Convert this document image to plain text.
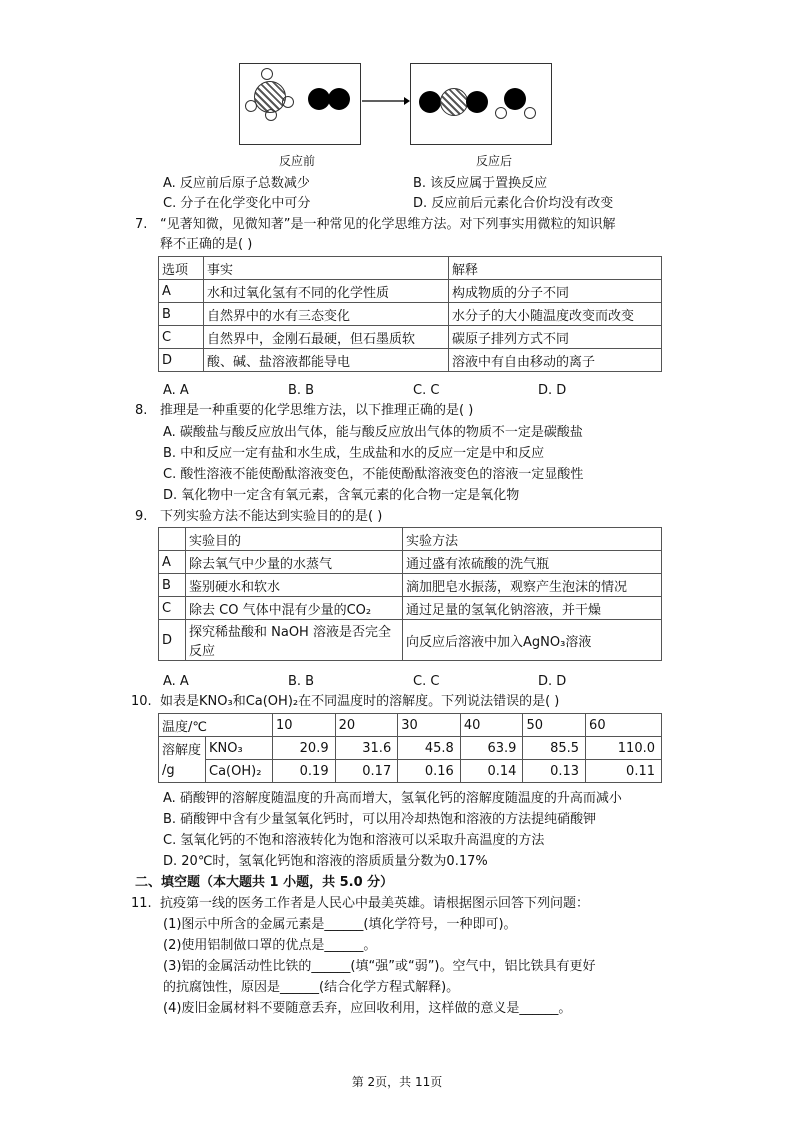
反应前	反应后
A. 反应前后原子总数减少	B. 该反应属于置换反应
C. 分子在化学变化中可分	D. 反应前后元素化合价均没有改变
7. “见著知微，见微知著”是一种常见的化学思维方法。对下列事实用微粒的知识解
释不正确的是( )
选项	事实	解释
A	水和过氧化氢有不同的化学性质	构成物质的分子不同
B	自然界中的水有三态变化	水分子的大小随温度改变而改变
C	自然界中，金刚石最硬，但石墨质软	碳原子排列方式不同
D	酸、碱、盐溶液都能导电	溶液中有自由移动的离子
A. A	B. B	C. C	D. D
8. 推理是一种重要的化学思维方法，以下推理正确的是( )
A. 碳酸盐与酸反应放出气体，能与酸反应放出气体的物质不一定是碳酸盐
B. 中和反应一定有盐和水生成，生成盐和水的反应一定是中和反应
C. 酸性溶液不能使酚酞溶液变色，不能使酚酞溶液变色的溶液一定显酸性
D. 氧化物中一定含有氧元素，含氧元素的化合物一定是氧化物
9. 下列实验方法不能达到实验目的的是( )
	实验目的	实验方法
A	除去氧气中少量的水蒸气	通过盛有浓硫酸的洗气瓶
B	鉴别硬水和软水	滴加肥皂水振荡，观察产生泡沫的情况
C	除去 CO 气体中混有少量的CO₂	通过足量的氢氧化钠溶液，并干燥
D	探究稀盐酸和 NaOH 溶液是否完全反应	向反应后溶液中加入AgNO₃溶液
A. A	B. B	C. C	D. D
10. 如表是KNO₃和Ca(OH)₂在不同温度时的溶解度。下列说法错误的是( )
温度/℃		10	20	30	40	50	60
溶解度	KNO₃	20.9	31.6	45.8	63.9	85.5	110.0
/g	Ca(OH)₂	0.19	0.17	0.16	0.14	0.13	0.11
A. 硝酸钾的溶解度随温度的升高而增大，氢氧化钙的溶解度随温度的升高而减小
B. 硝酸钾中含有少量氢氧化钙时，可以用冷却热饱和溶液的方法提纯硝酸钾
C. 氢氧化钙的不饱和溶液转化为饱和溶液可以采取升高温度的方法
D. 20℃时，氢氧化钙饱和溶液的溶质质量分数为0.17%
二、填空题（本大题共 1 小题，共 5.0 分）
11. 抗疫第一线的医务工作者是人民心中最美英雄。请根据图示回答下列问题：
(1)图示中所含的金属元素是______(填化学符号，一种即可)。
(2)使用铝制做口罩的优点是______。
(3)铝的金属活动性比铁的______(填“强”或“弱”)。空气中，铝比铁具有更好
的抗腐蚀性，原因是______(结合化学方程式解释)。
(4)废旧金属材料不要随意丢弃，应回收利用，这样做的意义是______。
第 2页，共 11页
